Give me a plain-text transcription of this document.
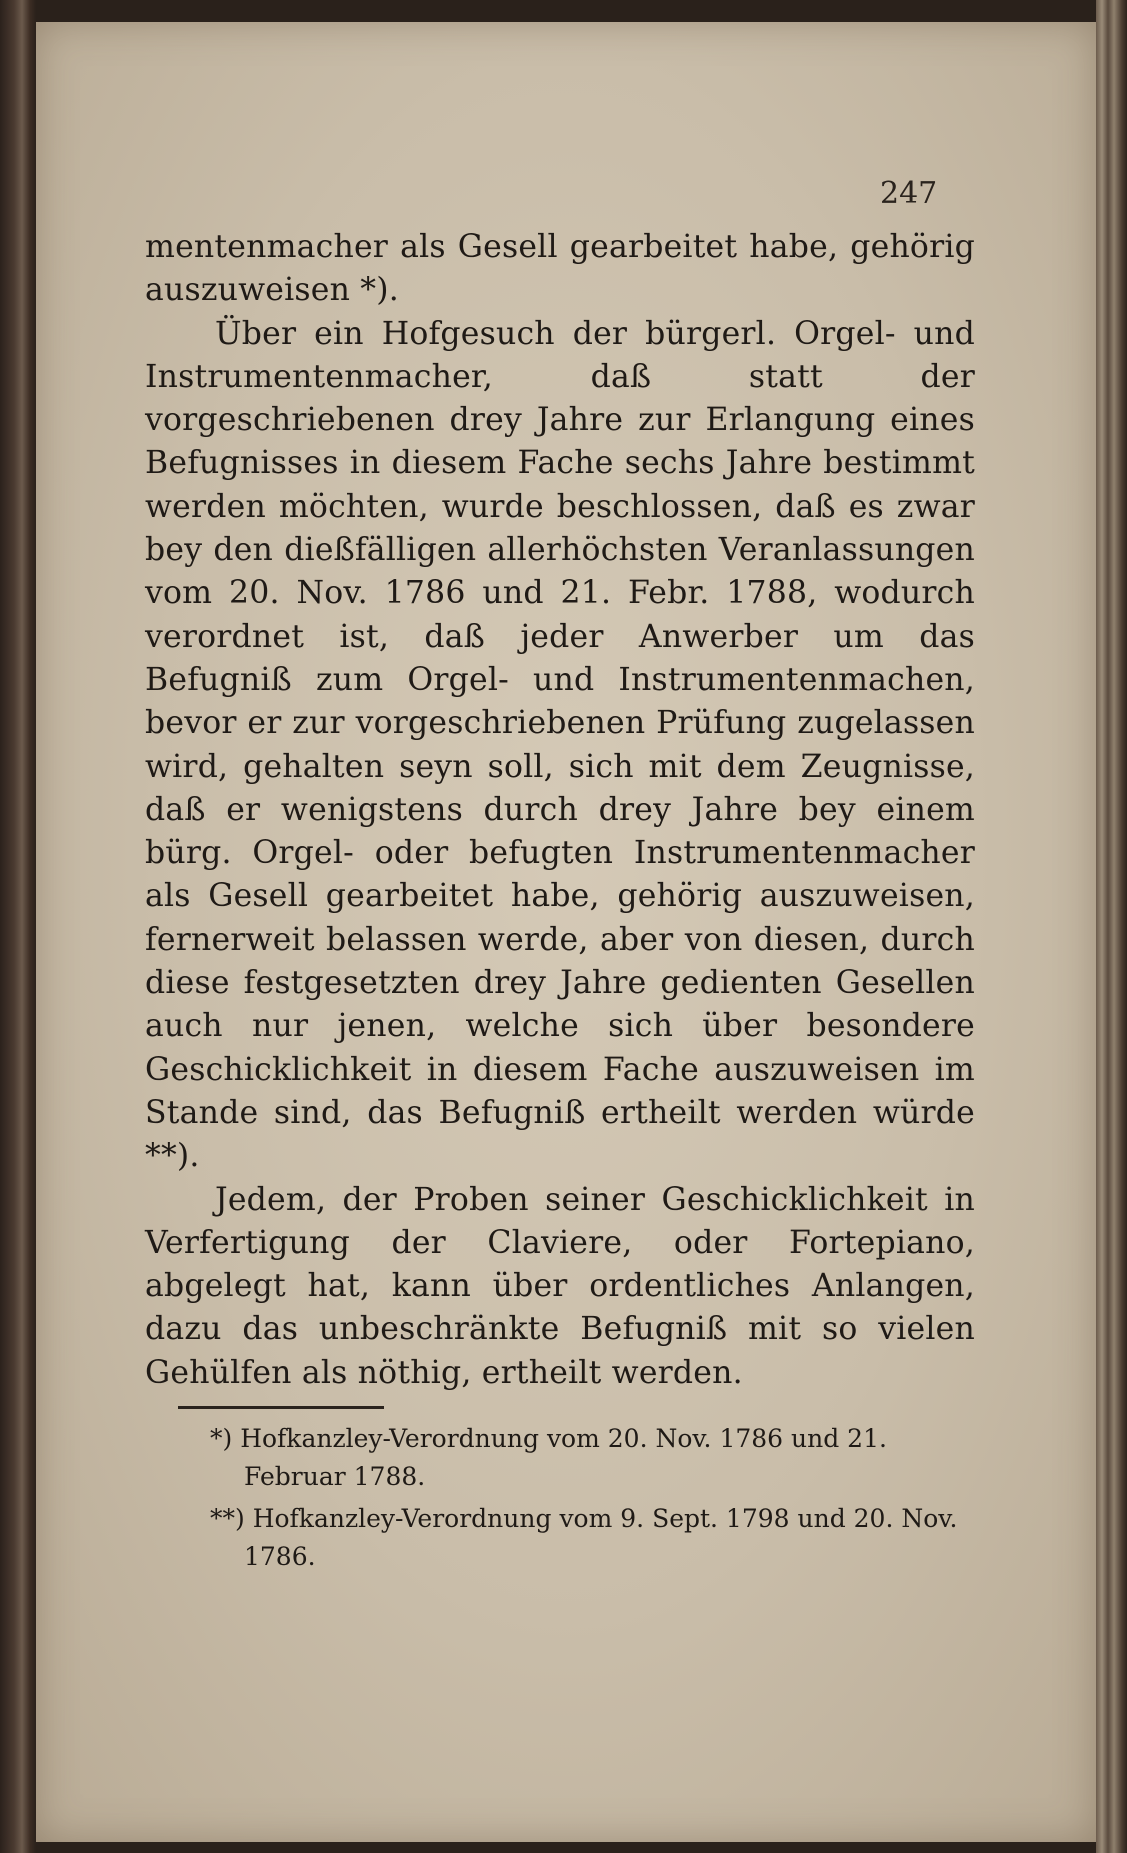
247

mentenmacher als Gesell gearbeitet habe, gehörig auszuweisen *).

Über ein Hofgesuch der bürgerl. Orgel- und Instrumentenmacher, daß statt der vorgeschriebenen drey Jahre zur Erlangung eines Befugnisses in diesem Fache sechs Jahre bestimmt werden möchten, wurde beschlossen, daß es zwar bey den dießfälligen allerhöchsten Veranlassungen vom 20. Nov. 1786 und 21. Febr. 1788, wodurch verordnet ist, daß jeder Anwerber um das Befugniß zum Orgel- und Instrumentenmachen, bevor er zur vorgeschriebenen Prüfung zugelassen wird, gehalten seyn soll, sich mit dem Zeugnisse, daß er wenigstens durch drey Jahre bey einem bürg. Orgel- oder befugten Instrumentenmacher als Gesell gearbeitet habe, gehörig auszuweisen, fernerweit belassen werde, aber von diesen, durch diese festgesetzten drey Jahre gedienten Gesellen auch nur jenen, welche sich über besondere Geschicklichkeit in diesem Fache auszuweisen im Stande sind, das Befugniß ertheilt werden würde **).

Jedem, der Proben seiner Geschicklichkeit in Verfertigung der Claviere, oder Fortepiano, abgelegt hat, kann über ordentliches Anlangen, dazu das unbeschränkte Befugniß mit so vielen Gehülfen als nöthig, ertheilt werden.

*) Hofkanzley-Verordnung vom 20. Nov. 1786 und 21. Februar 1788.

**) Hofkanzley-Verordnung vom 9. Sept. 1798 und 20. Nov. 1786.
